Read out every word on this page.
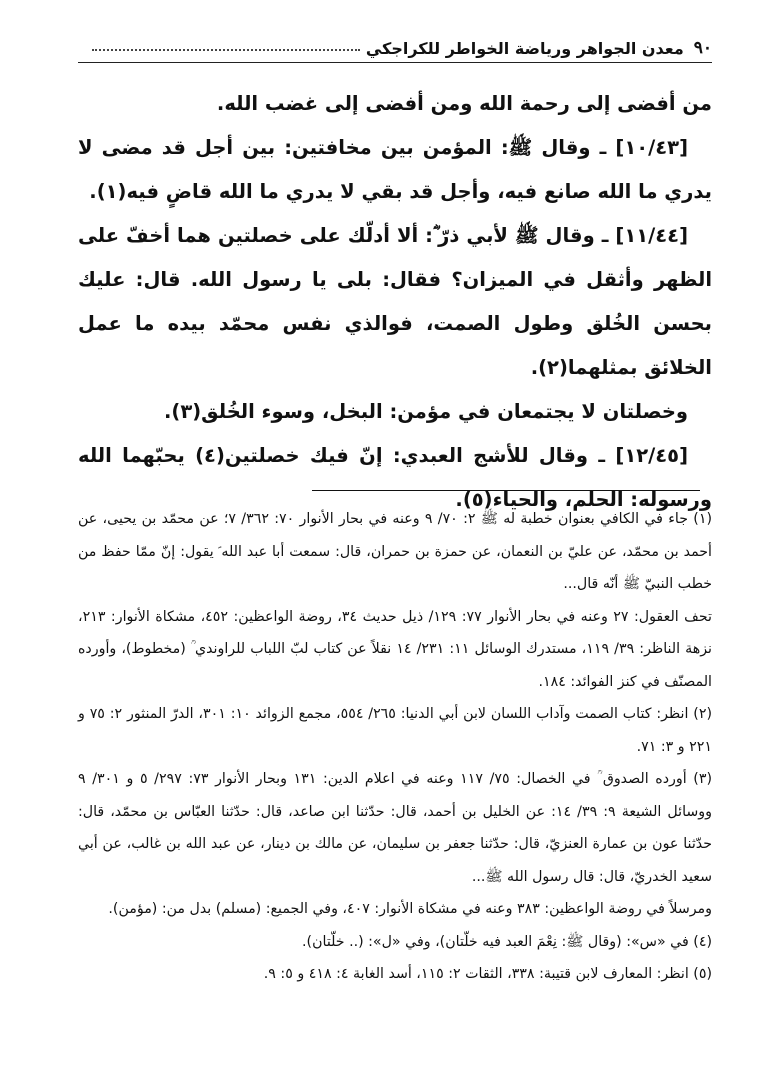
٩٠
معدن الجواهر ورياضة الخواطر للكراجكي

من أفضى إلى رحمة الله ومن أفضى إلى غضب الله.

[١٠/٤٣] ـ وقال ﷺ: المؤمن بين مخافتين: بين أجل قد مضى لا يدري ما الله صانع فيه، وأجل قد بقي لا يدري ما الله قاضٍ فيه(١).

[١١/٤٤] ـ وقال ﷺ لأبي ذرّ ؓ: ألا أدلّك على خصلتين هما أخفّ على الظهر وأثقل في الميزان؟ فقال: بلى يا رسول الله. قال: عليك بحسن الخُلق وطول الصمت، فوالذي نفس محمّد بيده ما عمل الخلائق بمثلهما(٢).

وخصلتان لا يجتمعان في مؤمن: البخل، وسوء الخُلق(٣).

[١٢/٤٥] ـ وقال للأشج العبدي: إنّ فيك خصلتين(٤) يحبّهما الله ورسوله: الحلم، والحياء(٥).

(١) جاء في الكافي بعنوان خطبة له ﷺ ٢: ٧٠/ ٩ وعنه في بحار الأنوار ٧٠: ٣٦٢/ ٧؛ عن محمّد بن يحيى، عن أحمد بن محمّد، عن عليّ بن النعمان، عن حمزة بن حمران، قال: سمعت أبا عبد الله ؑ يقول: إنّ ممّا حفظ من خطب النبيّ ﷺ أنّه قال...

تحف العقول: ٢٧ وعنه في بحار الأنوار ٧٧: ١٢٩/ ذيل حديث ٣٤، روضة الواعظين: ٤٥٢، مشكاة الأنوار: ٢١٣، نزهة الناظر: ٣٩/ ١١٩، مستدرك الوسائل ١١: ٢٣١/ ١٤ نقلاً عن كتاب لبّ اللباب للراوندي ؒ (مخطوط)، وأورده المصنّف في كنز الفوائد: ١٨٤.

(٢) انظر: كتاب الصمت وآداب اللسان لابن أبي الدنيا: ٢٦٥/ ٥٥٤، مجمع الزوائد ١٠: ٣٠١، الدرّ المنثور ٢: ٧٥ و ٢٢١ و ٣: ٧١.

(٣) أورده الصدوق ؒ في الخصال: ٧٥/ ١١٧ وعنه في اعلام الدين: ١٣١ وبحار الأنوار ٧٣: ٢٩٧/ ٥ و ٣٠١/ ٩ ووسائل الشيعة ٩: ٣٩/ ١٤: عن الخليل بن أحمد، قال: حدّثنا ابن صاعد، قال: حدّثنا العبّاس بن محمّد، قال: حدّثنا عون بن عمارة العنزيّ، قال: حدّثنا جعفر بن سليمان، عن مالك بن دينار، عن عبد الله بن غالب، عن أبي سعيد الخدريّ، قال: قال رسول الله ﷺ...

ومرسلاً في روضة الواعظين: ٣٨٣ وعنه في مشكاة الأنوار: ٤٠٧، وفي الجميع: (مسلم) بدل من: (مؤمن).

(٤) في «س»: (وقال ﷺ: نِعْمَ العبد فيه خلّتان)، وفي «ل»: (.. خلّتان).

(٥) انظر: المعارف لابن قتيبة: ٣٣٨، الثقات ٢: ١١٥، أسد الغابة ٤: ٤١٨ و ٥: ٩.
